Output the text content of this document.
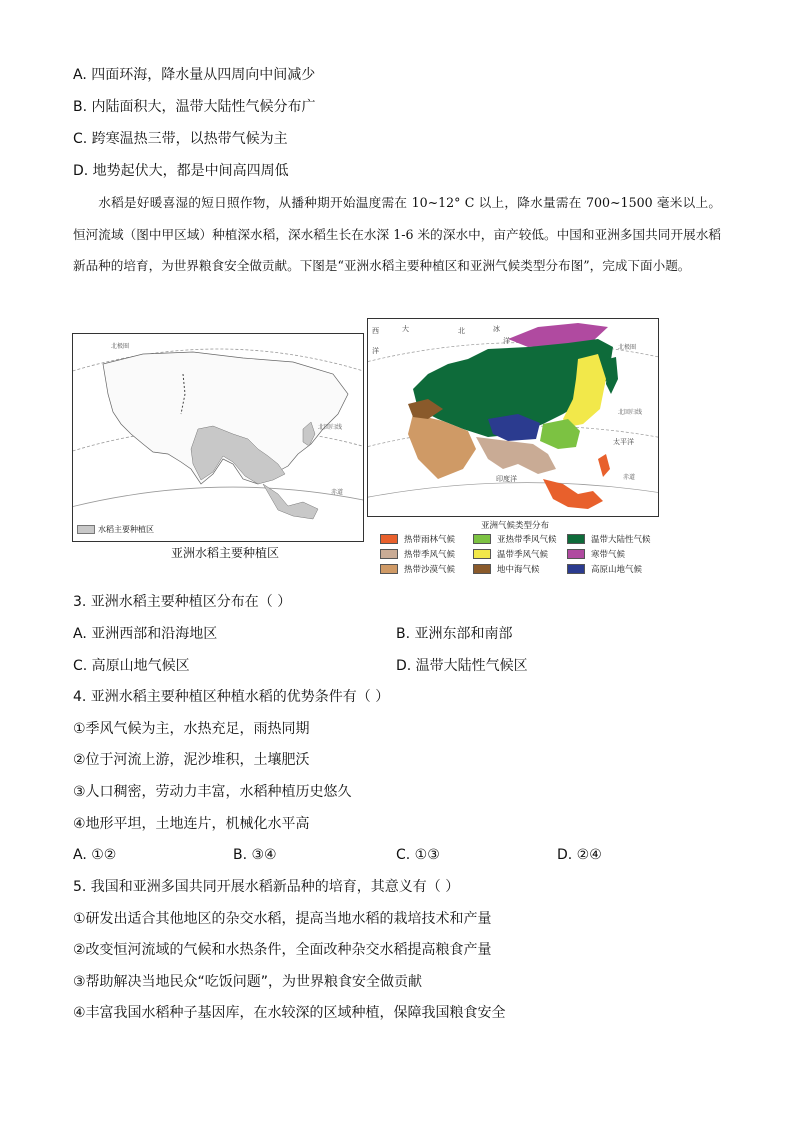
A. 四面环海，降水量从四周向中间减少
B. 内陆面积大，温带大陆性气候分布广
C. 跨寒温热三带，以热带气候为主
D. 地势起伏大，都是中间高四周低
水稻是好暖喜湿的短日照作物，从播种期开始温度需在 10~12° C 以上，降水量需在 700~1500 毫米以上。恒河流域（图中甲区域）种植深水稻，深水稻生长在水深 1-6 米的深水中，亩产较低。中国和亚洲多国共同开展水稻新品种的培育，为世界粮食安全做贡献。下图是“亚洲水稻主要种植区和亚洲气候类型分布图”，完成下面小题。
北极圈
北回归线
赤道
水稻主要种植区
亚洲水稻主要种植区
西	大
洋
北	冰
洋
太平洋
印度洋
北极圈
北回归线
赤道
亚洲气候类型分布
热带雨林气候	亚热带季风气候	温带大陆性气候
热带季风气候	温带季风气候	寒带气候
热带沙漠气候	地中海气候	高原山地气候
3. 亚洲水稻主要种植区分布在（ ）
A. 亚洲西部和沿海地区	B. 亚洲东部和南部
C. 高原山地气候区	D. 温带大陆性气候区
4. 亚洲水稻主要种植区种植水稻的优势条件有（ ）
①季风气候为主，水热充足，雨热同期
②位于河流上游，泥沙堆积，土壤肥沃
③人口稠密，劳动力丰富，水稻种植历史悠久
④地形平坦，土地连片，机械化水平高
A. ①②	B. ③④	C. ①③	D. ②④
5. 我国和亚洲多国共同开展水稻新品种的培育，其意义有（ ）
①研发出适合其他地区的杂交水稻，提高当地水稻的栽培技术和产量
②改变恒河流域的气候和水热条件，全面改种杂交水稻提高粮食产量
③帮助解决当地民众“吃饭问题”，为世界粮食安全做贡献
④丰富我国水稻种子基因库，在水较深的区域种植，保障我国粮食安全
